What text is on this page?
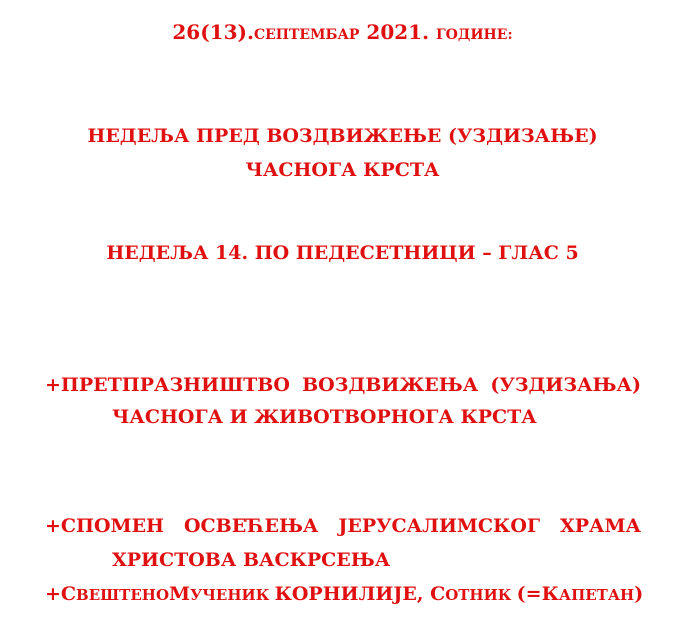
26(13).СЕПТЕМБАР 2021. ГОДИНЕ:
НЕДЕЉА ПРЕД ВОЗДВИЖЕЊЕ (УЗДИЗАЊЕ)
ЧАСНОГА КРСТА
НЕДЕЉА 14. ПО ПЕДЕСЕТНИЦИ – ГЛАС 5
+ПРЕТПРАЗНИШТВО ВОЗДВИЖЕЊА (УЗДИЗАЊА)
ЧАСНОГА И ЖИВОТВОРНОГА КРСТА
+СПОМЕН ОСВЕЋЕЊА ЈЕРУСАЛИМСКОГ ХРАМА
ХРИСТОВА ВАСКРСЕЊА
+СВЕШТЕНОМУЧЕНИК КОРНИЛИЈЕ, СОТНИК (=КАПЕТАН)
